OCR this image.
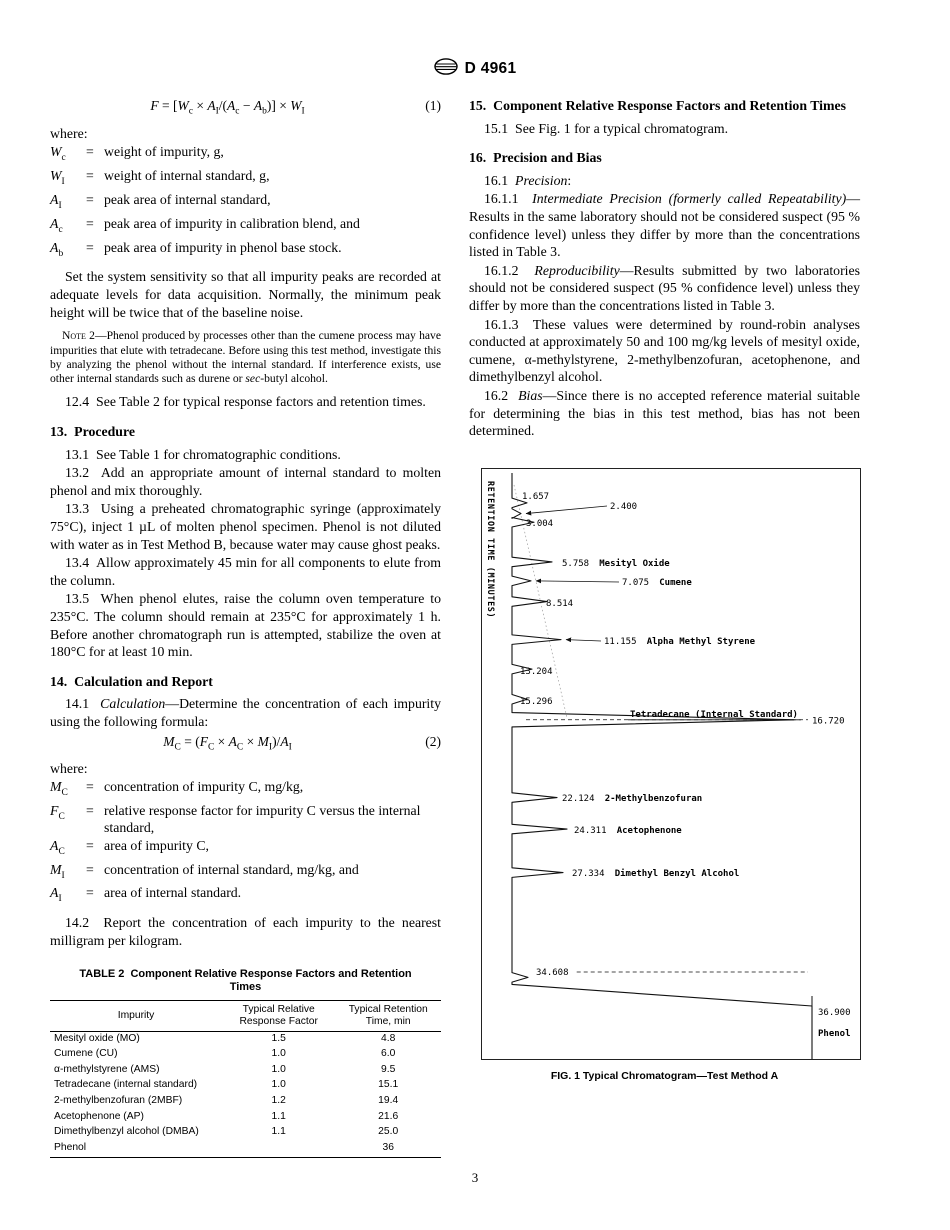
D 4961
$F = [W_c \times A_I/(A_c - A_b)] \times W_I$	(1)
where:
$W_c$	= weight of impurity, g,
$W_I$	= weight of internal standard, g,
$A_I$	= peak area of internal standard,
$A_c$	= peak area of impurity in calibration blend, and
$A_b$	= peak area of impurity in phenol base stock.

Set the system sensitivity so that all impurity peaks are recorded at adequate levels for data acquisition. Normally, the minimum peak height will be twice that of the baseline noise.

Note 2—Phenol produced by processes other than the cumene process may have impurities that elute with tetradecane. Before using this test method, investigate this by analyzing the phenol without the internal standard. If interference exists, use other internal standards such as durene or sec-butyl alcohol.

12.4  See Table 2 for typical response factors and retention times.

13.  Procedure

13.1  See Table 1 for chromatographic conditions.

13.2  Add an appropriate amount of internal standard to molten phenol and mix thoroughly.

13.3  Using a preheated chromatographic syringe (approximately 75°C), inject 1 µL of molten phenol specimen. Phenol is not diluted with water as in Test Method B, because water may cause ghost peaks.

13.4  Allow approximately 45 min for all components to elute from the column.

13.5  When phenol elutes, raise the column oven temperature to 235°C. The column should remain at 235°C for approximately 1 h. Before another chromatograph run is attempted, stabilize the oven at 180°C for at least 10 min.

14.  Calculation and Report

14.1  Calculation—Determine the concentration of each impurity using the following formula:

$M_C = (F_C \times A_C \times M_I)/A_I$	(2)
where:
$M_C$	= concentration of impurity C, mg/kg,
$F_C$	= relative response factor for impurity C versus the internal standard,
$A_C$	= area of impurity C,
$M_I$	= concentration of internal standard, mg/kg, and
$A_I$	= area of internal standard.

14.2  Report the concentration of each impurity to the nearest milligram per kilogram.

TABLE 2  Component Relative Response Factors and Retention Times
Impurity	Typical Relative Response Factor	Typical Retention Time, min
Mesityl oxide (MO)	1.5	4.8
Cumene (CU)	1.0	6.0
α-methylstyrene (AMS)	1.0	9.5
Tetradecane (internal standard)	1.0	15.1
2-methylbenzofuran (2MBF)	1.2	19.4
Acetophenone (AP)	1.1	21.6
Dimethylbenzyl alcohol (DMBA)	1.1	25.0
Phenol		36
15.  Component Relative Response Factors and Retention Times

15.1  See Fig. 1 for a typical chromatogram.

16.  Precision and Bias

16.1  Precision:

16.1.1  Intermediate Precision (formerly called Repeatability)—Results in the same laboratory should not be considered suspect (95 % confidence level) unless they differ by more than the concentrations listed in Table 3.

16.1.2  Reproducibility—Results submitted by two laboratories should not be considered suspect (95 % confidence level) unless they differ by more than the concentrations listed in Table 3.

16.1.3  These values were determined by round-robin analyses conducted at approximately 50 and 100 mg/kg levels of mesityl oxide, cumene, α-methylstyrene, 2-methylbenzofuran, acetophenone, and dimethylbenzyl alcohol.

16.2  Bias—Since there is no accepted reference material suitable for determining the bias in this test method, bias has not been determined.

RETENTION TIME (MINUTES)	1.657
2.400
3.004
5.758 Mesityl Oxide
7.075 Cumene
8.514
11.155 Alpha Methyl Styrene
13.204
15.296
Tetradecane (Internal Standard)
16.720
22.124 2-Methylbenzofuran
24.311 Acetophenone
27.334 Dimethyl Benzyl Alcohol
34.608
36.900
Phenol
FIG. 1 Typical Chromatogram—Test Method A
3
